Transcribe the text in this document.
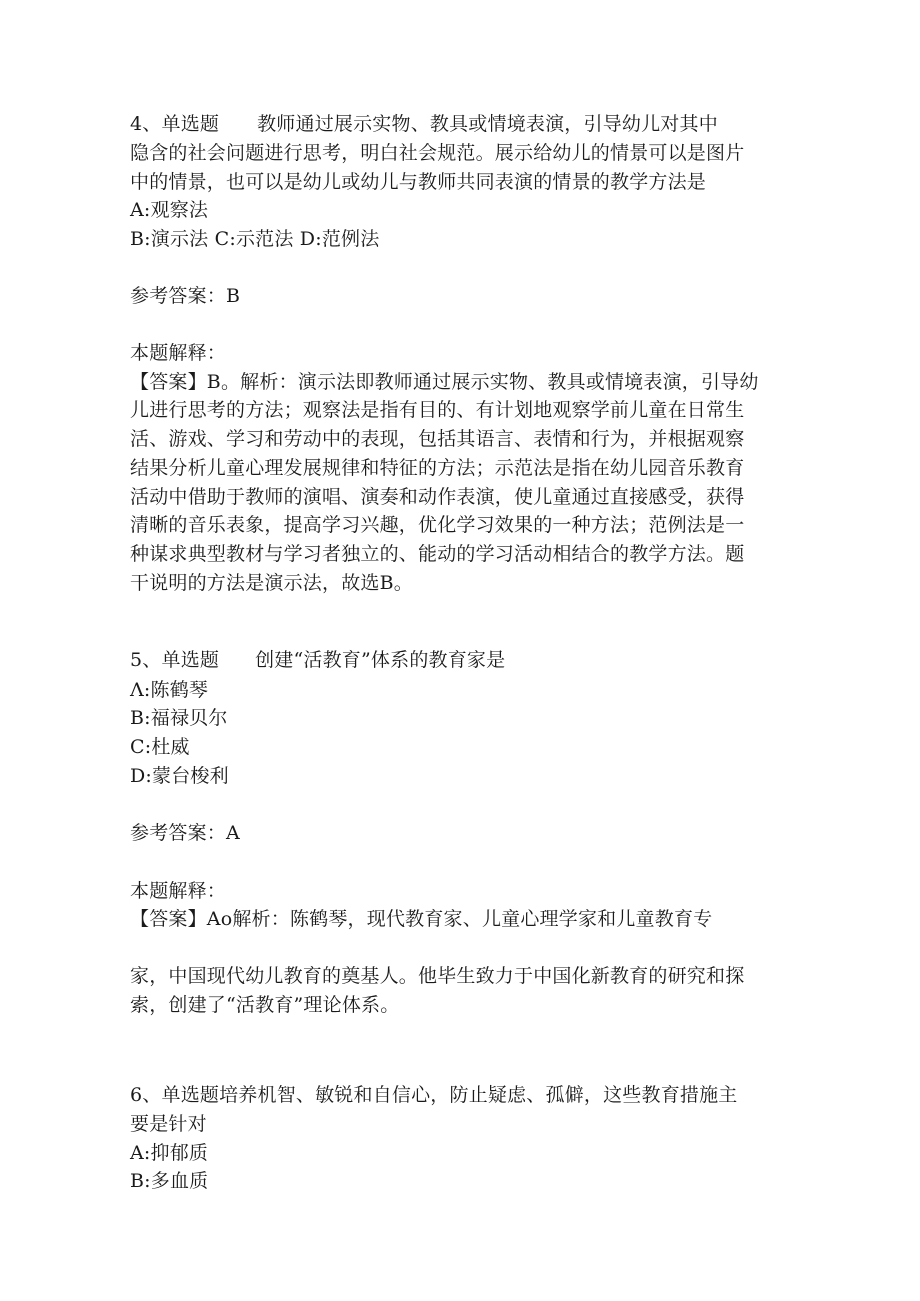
4、单选题 教师通过展示实物、教具或情境表演，引导幼儿对其中
隐含的社会问题进行思考，明白社会规范。展示给幼儿的情景可以是图片
中的情景，也可以是幼儿或幼儿与教师共同表演的情景的教学方法是
A:观察法
B:演示法 C:示范法 D:范例法
参考答案：B
本题解释：
【答案】B。解析：演示法即教师通过展示实物、教具或情境表演，引导幼
儿进行思考的方法；观察法是指有目的、有计划地观察学前儿童在日常生
活、游戏、学习和劳动中的表现，包括其语言、表情和行为，并根据观察
结果分析儿童心理发展规律和特征的方法；示范法是指在幼儿园音乐教育
活动中借助于教师的演唱、演奏和动作表演，使儿童通过直接感受，获得
清晰的音乐表象，提高学习兴趣，优化学习效果的一种方法；范例法是一
种谋求典型教材与学习者独立的、能动的学习活动相结合的教学方法。题
干说明的方法是演示法，故选B。
5、单选题 创建“活教育”体系的教育家是
Λ:陈鹤琴
B:福禄贝尔
C:杜威
D:蒙台梭利
参考答案：A
本题解释：
【答案】Ao解析：陈鹤琴，现代教育家、儿童心理学家和儿童教育专
家，中国现代幼儿教育的奠基人。他毕生致力于中国化新教育的研究和探
索，创建了“活教育”理论体系。
6、单选题培养机智、敏锐和自信心，防止疑虑、孤僻，这些教育措施主
要是针对
A:抑郁质
B:多血质
